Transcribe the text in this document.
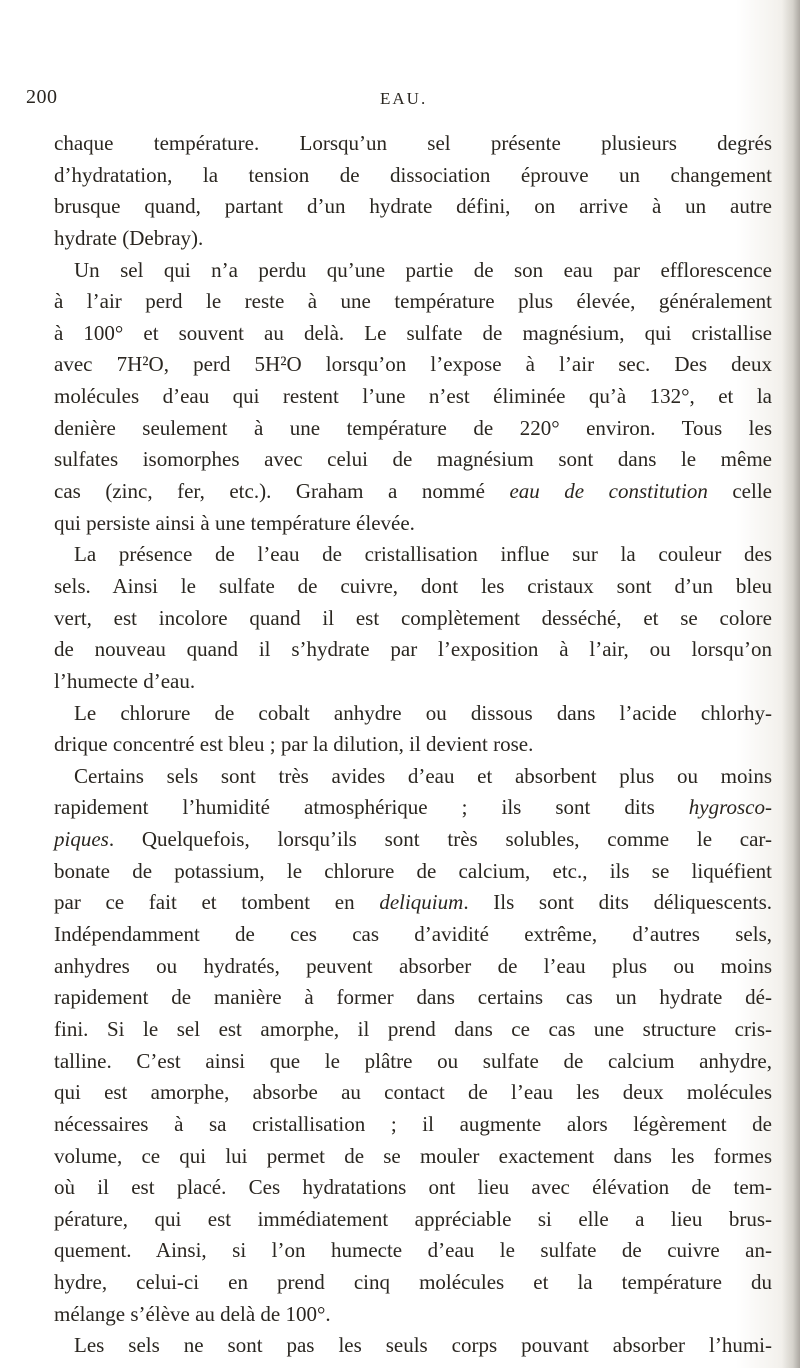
200	EAU.
chaque température. Lorsqu’un sel présente plusieurs degrés
d’hydratation, la tension de dissociation éprouve un changement
brusque quand, partant d’un hydrate défini, on arrive à un autre
hydrate (Debray).
Un sel qui n’a perdu qu’une partie de son eau par efflorescence
à l’air perd le reste à une température plus élevée, généralement
à 100° et souvent au delà. Le sulfate de magnésium, qui cristallise
avec 7H²O, perd 5H²O lorsqu’on l’expose à l’air sec. Des deux
molécules d’eau qui restent l’une n’est éliminée qu’à 132°, et la
denière seulement à une température de 220° environ. Tous les
sulfates isomorphes avec celui de magnésium sont dans le même
cas (zinc, fer, etc.). Graham a nommé eau de constitution celle
qui persiste ainsi à une température élevée.
La présence de l’eau de cristallisation influe sur la couleur des
sels. Ainsi le sulfate de cuivre, dont les cristaux sont d’un bleu
vert, est incolore quand il est complètement desséché, et se colore
de nouveau quand il s’hydrate par l’exposition à l’air, ou lorsqu’on
l’humecte d’eau.
Le chlorure de cobalt anhydre ou dissous dans l’acide chlorhy-
drique concentré est bleu ; par la dilution, il devient rose.
Certains sels sont très avides d’eau et absorbent plus ou moins
rapidement l’humidité atmosphérique ; ils sont dits hygrosco-
piques. Quelquefois, lorsqu’ils sont très solubles, comme le car-
bonate de potassium, le chlorure de calcium, etc., ils se liquéfient
par ce fait et tombent en deliquium. Ils sont dits déliquescents.
Indépendamment de ces cas d’avidité extrême, d’autres sels,
anhydres ou hydratés, peuvent absorber de l’eau plus ou moins
rapidement de manière à former dans certains cas un hydrate dé-
fini. Si le sel est amorphe, il prend dans ce cas une structure cris-
talline. C’est ainsi que le plâtre ou sulfate de calcium anhydre,
qui est amorphe, absorbe au contact de l’eau les deux molécules
nécessaires à sa cristallisation ; il augmente alors légèrement de
volume, ce qui lui permet de se mouler exactement dans les formes
où il est placé. Ces hydratations ont lieu avec élévation de tem-
pérature, qui est immédiatement appréciable si elle a lieu brus-
quement. Ainsi, si l’on humecte d’eau le sulfate de cuivre an-
hydre, celui-ci en prend cinq molécules et la température du
mélange s’élève au delà de 100°.
Les sels ne sont pas les seuls corps pouvant absorber l’humi-
